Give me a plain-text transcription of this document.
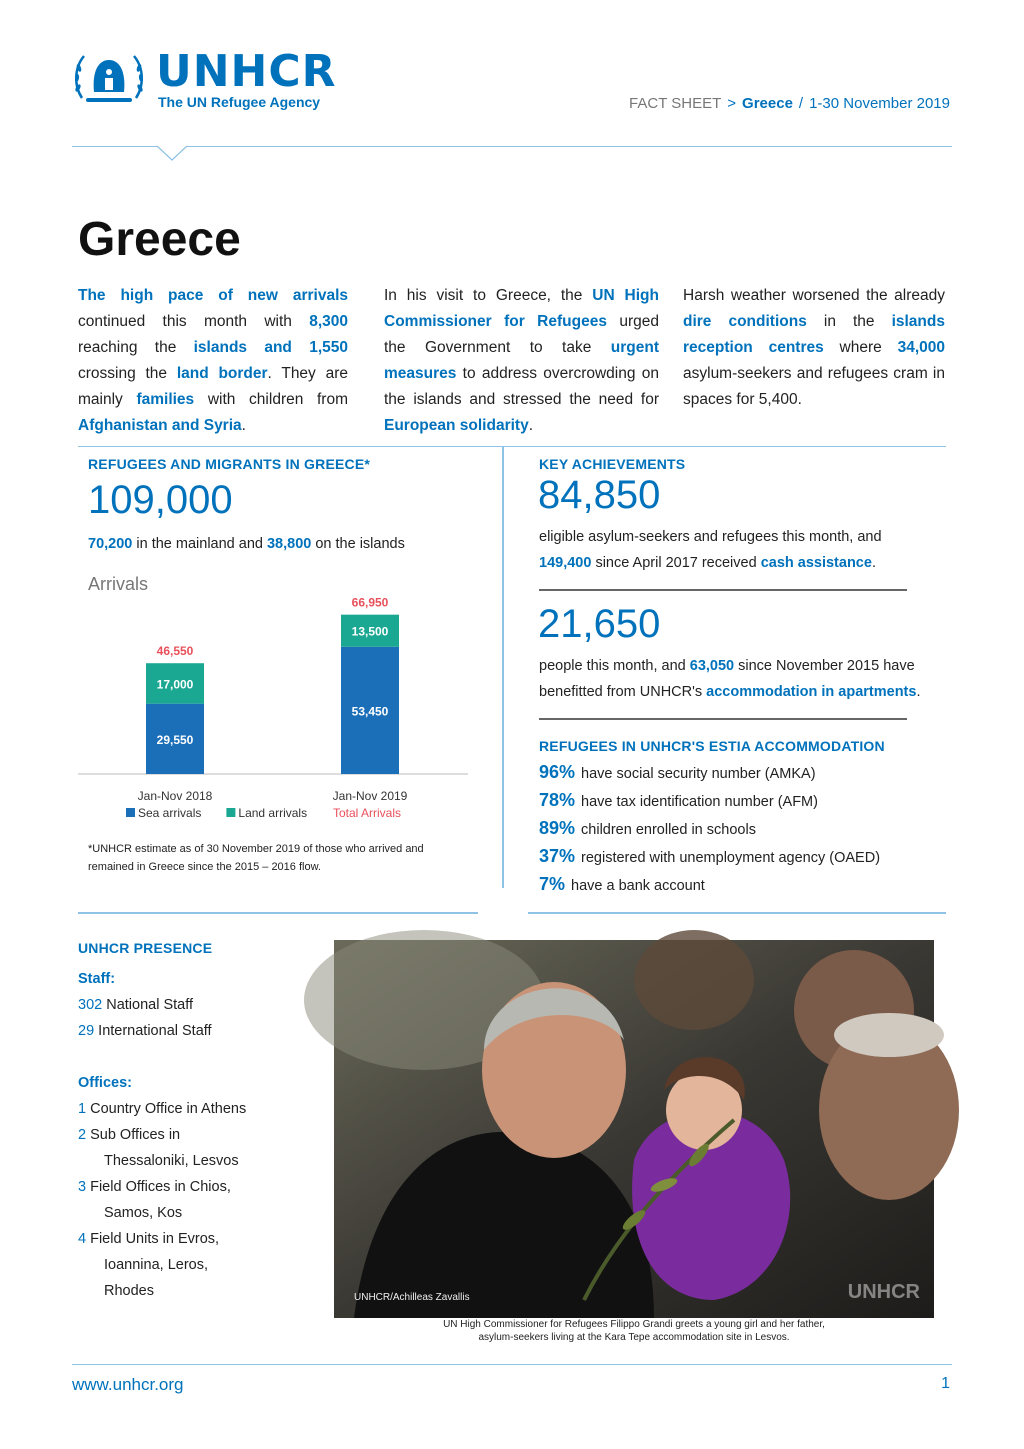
UNHCR
The UN Refugee Agency	FACT SHEET > Greece / 1-30 November 2019
Greece
The high pace of new arrivals continued this month with 8,300 reaching the islands and 1,550 crossing the land border. They are mainly families with children from Afghanistan and Syria.
In his visit to Greece, the UN High Commissioner for Refugees urged the Government to take urgent measures to address overcrowding on the islands and stressed the need for European solidarity.
Harsh weather worsened the already dire conditions in the islands reception centres where 34,000 asylum-seekers and refugees cram in spaces for 5,400.
REFUGEES AND MIGRANTS IN GREECE*
109,000
70,200 in the mainland and 38,800 on the islands
Arrivals
29,550
17,000
46,550
Jan-Nov 2018
53,450
13,500
66,950
Jan-Nov 2019
Sea arrivals	Land arrivals Total Arrivals
*UNHCR estimate as of 30 November 2019 of those who arrived and remained in Greece since the 2015 – 2016 flow.
KEY ACHIEVEMENTS
84,850
eligible asylum-seekers and refugees this month, and
149,400 since April 2017 received cash assistance.
21,650
people this month, and 63,050 since November 2015 have
benefitted from UNHCR's accommodation in apartments.
REFUGEES IN UNHCR'S ESTIA ACCOMMODATION
96% have social security number (AMKA)
78% have tax identification number (AFM)
89% children enrolled in schools
37% registered with unemployment agency (OAED)
7% have a bank account
UNHCR PRESENCE
Staff:
302 National Staff
29 International Staff
Offices:
1 Country Office in Athens
2 Sub Offices in
Thessaloniki, Lesvos
3 Field Offices in Chios,
Samos, Kos
4 Field Units in Evros,
Ioannina, Leros, Rhodes	UNHCR
UNHCR/Achilleas Zavallis
UN High Commissioner for Refugees Filippo Grandi greets a young girl and her father,
asylum-seekers living at the Kara Tepe accommodation site in Lesvos.
www.unhcr.org	1
